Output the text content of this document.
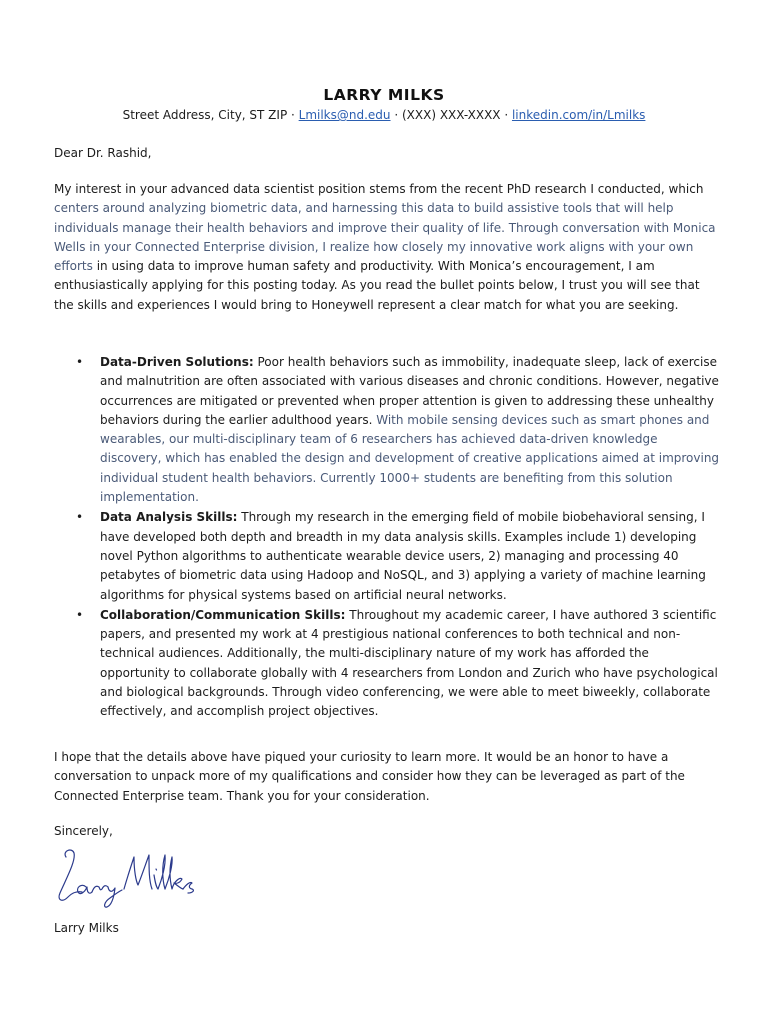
LARRY MILKS
Street Address, City, ST ZIP · Lmilks@nd.edu · (XXX) XXX-XXXX · linkedin.com/in/Lmilks
Dear Dr. Rashid,
My interest in your advanced data scientist position stems from the recent PhD research I conducted, which centers around analyzing biometric data, and harnessing this data to build assistive tools that will help individuals manage their health behaviors and improve their quality of life. Through conversation with Monica Wells in your Connected Enterprise division, I realize how closely my innovative work aligns with your own efforts in using data to improve human safety and productivity. With Monica’s encouragement, I am enthusiastically applying for this posting today. As you read the bullet points below, I trust you will see that the skills and experiences I would bring to Honeywell represent a clear match for what you are seeking.
• Data-Driven Solutions: Poor health behaviors such as immobility, inadequate sleep, lack of exercise and malnutrition are often associated with various diseases and chronic conditions. However, negative occurrences are mitigated or prevented when proper attention is given to addressing these unhealthy behaviors during the earlier adulthood years. With mobile sensing devices such as smart phones and wearables, our multi-disciplinary team of 6 researchers has achieved data-driven knowledge discovery, which has enabled the design and development of creative applications aimed at improving individual student health behaviors. Currently 1000+ students are benefiting from this solution implementation.
• Data Analysis Skills: Through my research in the emerging field of mobile biobehavioral sensing, I have developed both depth and breadth in my data analysis skills. Examples include 1) developing novel Python algorithms to authenticate wearable device users, 2) managing and processing 40 petabytes of biometric data using Hadoop and NoSQL, and 3) applying a variety of machine learning algorithms for physical systems based on artificial neural networks.
• Collaboration/Communication Skills: Throughout my academic career, I have authored 3 scientific papers, and presented my work at 4 prestigious national conferences to both technical and non-technical audiences. Additionally, the multi-disciplinary nature of my work has afforded the opportunity to collaborate globally with 4 researchers from London and Zurich who have psychological and biological backgrounds. Through video conferencing, we were able to meet biweekly, collaborate effectively, and accomplish project objectives.
I hope that the details above have piqued your curiosity to learn more. It would be an honor to have a conversation to unpack more of my qualifications and consider how they can be leveraged as part of the Connected Enterprise team. Thank you for your consideration.
Sincerely,
Larry Milks
